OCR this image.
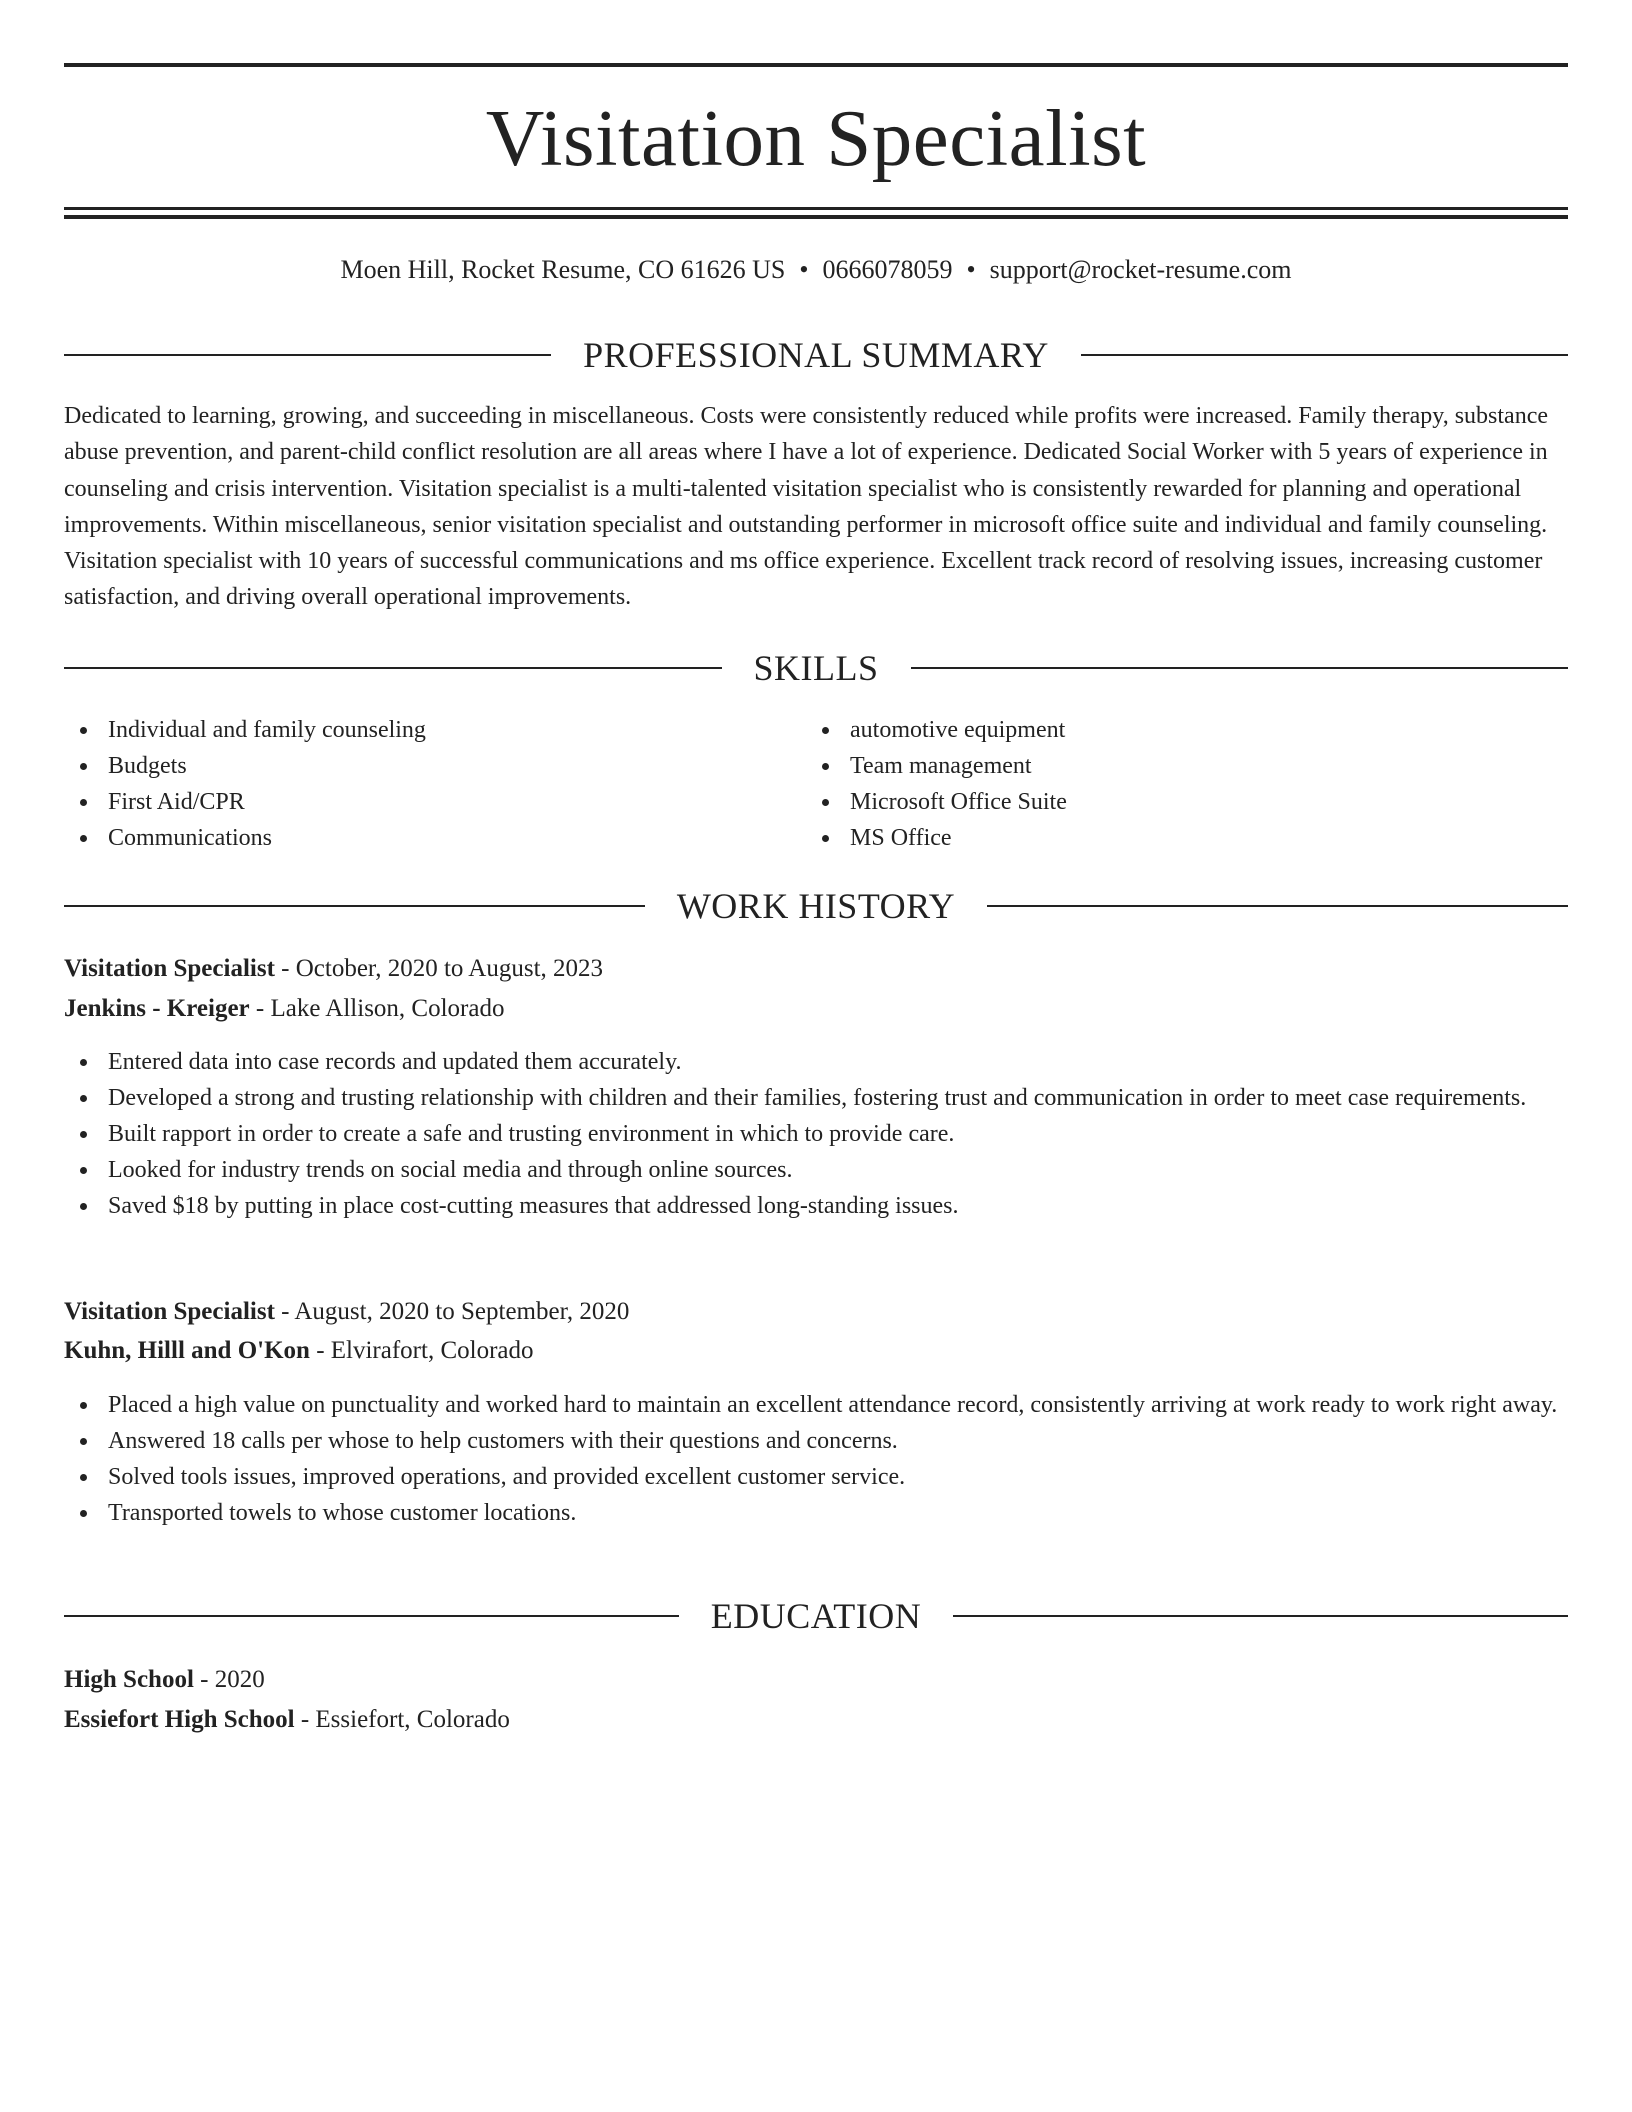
Visitation Specialist
Moen Hill, Rocket Resume, CO 61626 US • 0666078059 • support@rocket-resume.com
PROFESSIONAL SUMMARY

Dedicated to learning, growing, and succeeding in miscellaneous. Costs were consistently reduced while profits were increased. Family therapy, substance abuse prevention, and parent-child conflict resolution are all areas where I have a lot of experience. Dedicated Social Worker with 5 years of experience in counseling and crisis intervention. Visitation specialist is a multi-talented visitation specialist who is consistently rewarded for planning and operational improvements. Within miscellaneous, senior visitation specialist and outstanding performer in microsoft office suite and individual and family counseling. Visitation specialist with 10 years of successful communications and ms office experience. Excellent track record of resolving issues, increasing customer satisfaction, and driving overall operational improvements.

SKILLS
Individual and family counseling
Budgets
First Aid/CPR
Communications
automotive equipment
Team management
Microsoft Office Suite
MS Office
WORK HISTORY
Visitation Specialist - October, 2020 to August, 2023
Jenkins - Kreiger - Lake Allison, Colorado
Entered data into case records and updated them accurately.
Developed a strong and trusting relationship with children and their families, fostering trust and communication in order to meet case requirements.
Built rapport in order to create a safe and trusting environment in which to provide care.
Looked for industry trends on social media and through online sources.
Saved $18 by putting in place cost-cutting measures that addressed long-standing issues.
Visitation Specialist - August, 2020 to September, 2020
Kuhn, Hilll and O'Kon - Elvirafort, Colorado
Placed a high value on punctuality and worked hard to maintain an excellent attendance record, consistently arriving at work ready to work right away.
Answered 18 calls per whose to help customers with their questions and concerns.
Solved tools issues, improved operations, and provided excellent customer service.
Transported towels to whose customer locations.
EDUCATION
High School - 2020
Essiefort High School - Essiefort, Colorado
